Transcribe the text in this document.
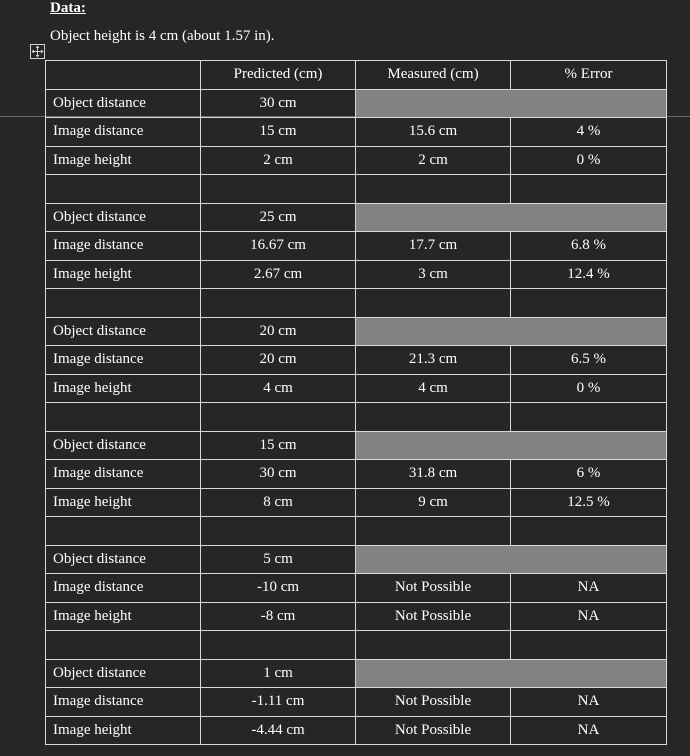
Data:
Object height is 4 cm (about 1.57 in).
	Predicted (cm)	Measured (cm)	% Error
Object distance	30 cm		
Image distance	15 cm	15.6 cm	4 %
Image height	2 cm	2 cm	0 %

Object distance	25 cm		
Image distance	16.67 cm	17.7 cm	6.8 %
Image height	2.67 cm	3 cm	12.4 %

Object distance	20 cm		
Image distance	20 cm	21.3 cm	6.5 %
Image height	4 cm	4 cm	0 %

Object distance	15 cm		
Image distance	30 cm	31.8 cm	6 %
Image height	8 cm	9 cm	12.5 %

Object distance	5 cm		
Image distance	-10 cm	Not Possible	NA
Image height	-8 cm	Not Possible	NA

Object distance	1 cm		
Image distance	-1.11 cm	Not Possible	NA
Image height	-4.44 cm	Not Possible	NA
